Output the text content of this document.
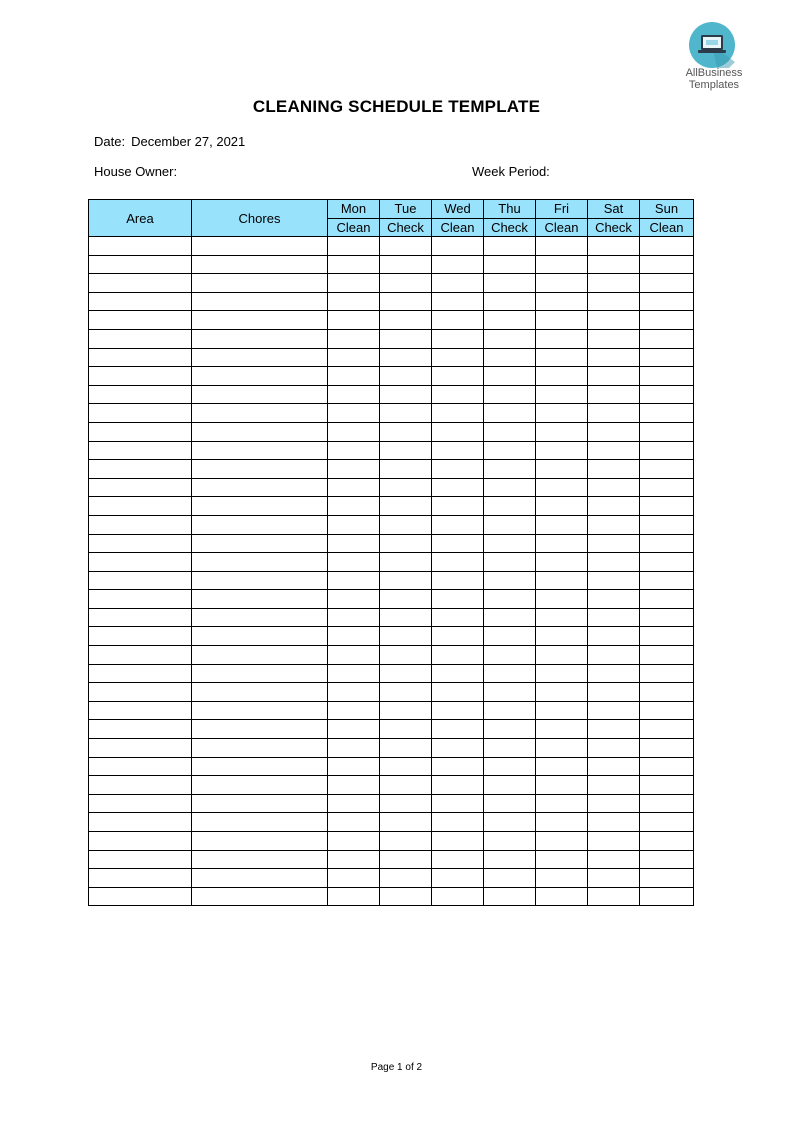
AllBusiness
Templates
CLEANING SCHEDULE TEMPLATE
Date: December 27, 2021
House Owner:	Week Period:
Area	Chores	Mon	Tue	Wed	Thu	Fri	Sat	Sun
		Clean	Check	Clean	Check	Clean	Check	Clean

Page 1 of 2
